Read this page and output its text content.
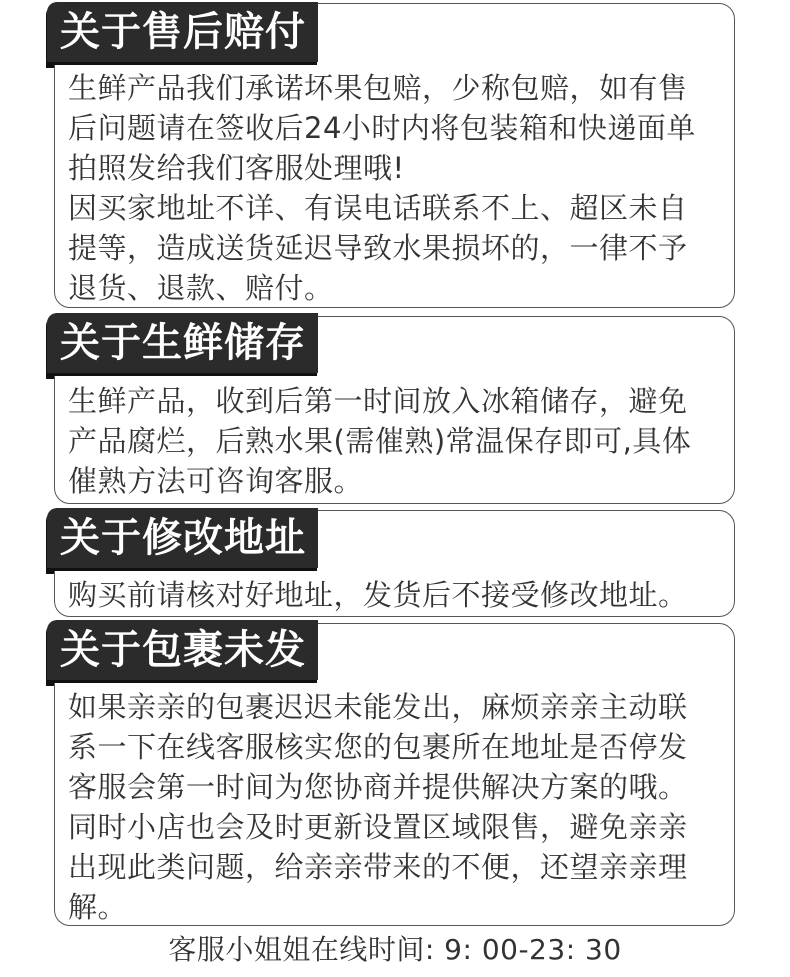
关于售后赔付

生鲜产品我们承诺坏果包赔，少称包赔，如有售

后问题请在签收后24小时内将包装箱和快递面单

拍照发给我们客服处理哦!

因买家地址不详、有误电话联系不上、超区未自

提等，造成送货延迟导致水果损坏的，一律不予

退货、退款、赔付。

关于生鲜储存

生鲜产品，收到后第一时间放入冰箱储存，避免

产品腐烂，后熟水果(需催熟)常温保存即可,具体

催熟方法可咨询客服。

关于修改地址

购买前请核对好地址，发货后不接受修改地址。

关于包裹未发

如果亲亲的包裹迟迟未能发出，麻烦亲亲主动联

系一下在线客服核实您的包裹所在地址是否停发

客服会第一时间为您协商并提供解决方案的哦。

同时小店也会及时更新设置区域限售，避免亲亲

出现此类问题，给亲亲带来的不便，还望亲亲理

解。

客服小姐姐在线时间: 9: 00-23: 30
